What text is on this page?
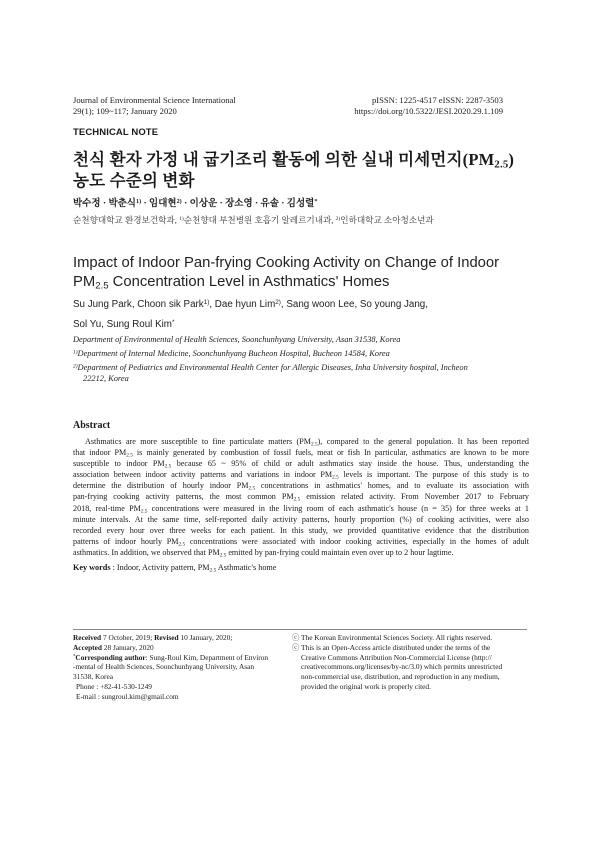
Journal of Environmental Science International
29(1); 109~117; January 2020
pISSN: 1225-4517 eISSN: 2287-3503
https://doi.org/10.5322/JESI.2020.29.1.109
TECHNICAL NOTE
천식 환자 가정 내 굽기조리 활동에 의한 실내 미세먼지$(PM_{2.5})$
농도 수준의 변화
박수정 · 박춘식$^{1)}$ · 임대현$^{2)}$ · 이상운 · 장소영 · 유솔 · 김성렬*
순천향대학교 환경보건학과, $^{1)}$순천향대 부천병원 호흡기 알레르기내과, $^{2)}$인하대학교 소아청소년과
Impact of Indoor Pan-frying Cooking Activity on Change of Indoor
$PM_{2.5}$ Concentration Level in Asthmatics' Homes
Su Jung Park, Choon sik Park$^{1)}$, Dae hyun Lim$^{2)}$, Sang woon Lee, So young Jang,
Sol Yu, Sung Roul Kim*
Department of Environmental of Health Sciences, Soonchunhyang University, Asan 31538, Korea
$^{1)}$Department of Internal Medicine, Soonchunhyang Bucheon Hospital, Bucheon 14584, Korea
$^{2)}$Department of Pediatrics and Environmental Health Center for Allergic Diseases, Inha University hospital, Incheon
22212, Korea
Abstract
Asthmatics are more susceptible to fine particulate matters $(PM_{2.5})$, compared to the general population. It has been reported
that indoor $PM_{2.5}$ is mainly generated by combustion of fossil fuels, meat or fish In particular, asthmatics are known to be more
susceptible to indoor $PM_{2.5}$ because 65 ~ 95% of child or adult asthmatics stay inside the house. Thus, understanding the
association between indoor activity patterns and variations in indoor $PM_{2.5}$ levels is important. The purpose of this study is to
determine the distribution of hourly indoor $PM_{2.5}$ concentrations in asthmatics' homes, and to evaluate its association with
pan-frying cooking activity patterns, the most common $PM_{2.5}$ emission related activity. From November 2017 to February
2018, real-time $PM_{2.5}$ concentrations were measured in the living room of each asthmatic's house (n = 35) for three weeks at 1
minute intervals. At the same time, self-reported daily activity patterns, hourly proportion (%) of cooking activities, were also
recorded every hour over three weeks for each patient. In this study, we provided quantitative evidence that the distribution
patterns of indoor hourly $PM_{2.5}$ concentrations were associated with indoor cooking activities, especially in the homes of adult
asthmatics. In addition, we observed that $PM_{2.5}$ emitted by pan-frying could maintain even over up to 2 hour lagtime.
Key words : Indoor, Activity pattern, $PM_{2.5}$ Asthmatic's home
Received 7 October, 2019; Revised 10 January, 2020;
Accepted 28 January, 2020
*Corresponding author: Sung-Roul Kim, Department of Environ
-mental of Health Sciences, Soonchunhyang University, Asan
31538, Korea
Phone : +82-41-530-1249
E-mail : sungroul.kim@gmail.com
ⓒ The Korean Environmental Sciences Society. All rights reserved.
ⓒ This is an Open-Access article distributed under the terms of the
Creative Commons Attribution Non-Commercial License (http://
creativecommons.org/licenses/by-nc/3.0) which permits unrestricted
non-commercial use, distribution, and reproduction in any medium,
provided the original work is properly cited.
